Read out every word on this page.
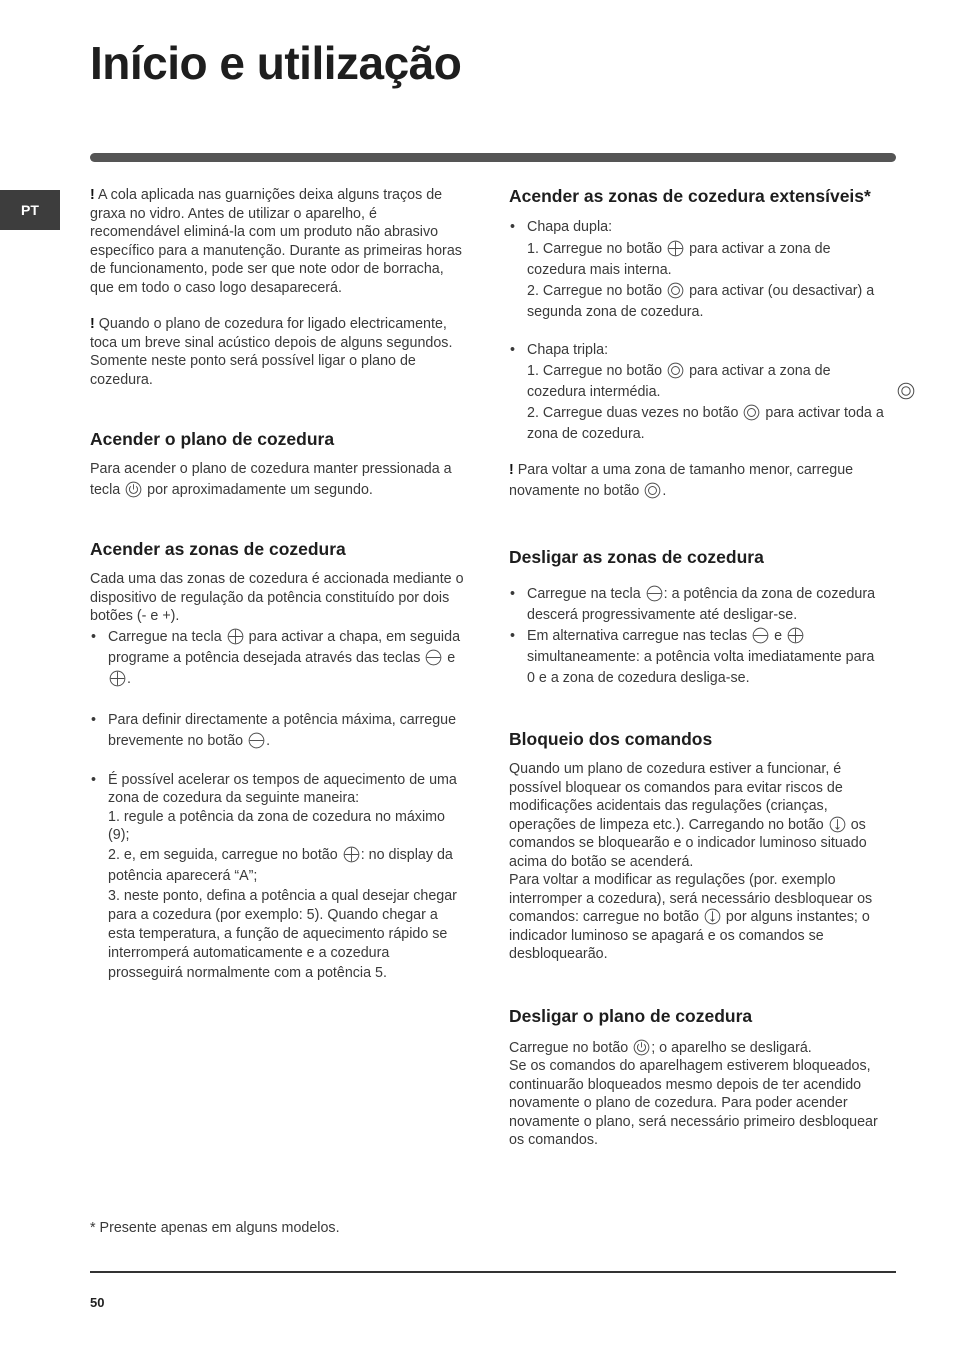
Início e utilização
PT

! A cola aplicada nas guarnições deixa alguns traços de graxa no vidro. Antes de utilizar o aparelho, é recomendável eliminá-la com um produto não abrasivo específico para a manutenção. Durante as primeiras horas de funcionamento, pode ser que note odor de borracha, que em todo o caso logo desaparecerá.

! Quando o plano de cozedura for ligado electricamente, toca um breve sinal acústico depois de alguns segundos. Somente neste ponto será possível ligar o plano de cozedura.

Acender o plano de cozedura

Para acender o plano de cozedura manter pressionada a tecla
por aproximadamente um segundo.

Acender as zonas de cozedura

Cada uma das zonas de cozedura é accionada mediante o dispositivo de regulação da potência constituído por dois botões (- e +).

• Carregue na tecla
para activar a chapa, em seguida programe a potência desejada através das teclas
e
.

• Para definir directamente a potência máxima, carregue brevemente no botão .

• É possível acelerar os tempos de aquecimento de uma zona de cozedura da seguinte maneira:

1. regule a potência da zona de cozedura no máximo (9);

2. e, em seguida, carregue no botão : no display da potência aparecerá “A”;

3. neste ponto, defina a potência a qual desejar chegar para a cozedura (por exemplo: 5). Quando chegar a esta temperatura, a função de aquecimento rápido se interromperá automaticamente e a cozedura prosseguirá normalmente com a potência 5.

Acender as zonas de cozedura extensíveis*

• Chapa dupla:

1. Carregue no botão
para activar a zona de cozedura mais interna.

2. Carregue no botão
para activar (ou desactivar) a segunda zona de cozedura.

• Chapa tripla:

1. Carregue no botão
para activar a zona de cozedura intermédia.

2. Carregue duas vezes no botão
para activar toda a zona de cozedura.

! Para voltar a uma zona de tamanho menor, carregue novamente no botão .

Desligar as zonas de cozedura

• Carregue na tecla : a potência da zona de cozedura descerá progressivamente até desligar-se.

• Em alternativa carregue nas teclas
e
simultaneamente: a potência volta imediatamente para 0 e a zona de cozedura desliga-se.

Bloqueio dos comandos

Quando um plano de cozedura estiver a funcionar, é possível bloquear os comandos para evitar riscos de modificações acidentais das regulações (crianças, operações de limpeza etc.). Carregando no botão
os comandos se bloquearão e o indicador luminoso situado acima do botão se acenderá.

Para voltar a modificar as regulações (por. exemplo interromper a cozedura), será necessário desbloquear os comandos: carregue no botão
por alguns instantes; o indicador luminoso se apagará e os comandos se desbloquearão.

Desligar o plano de cozedura

Carregue no botão ; o aparelho se desligará.

Se os comandos do aparelhagem estiverem bloqueados, continuarão bloqueados mesmo depois de ter acendido novamente o plano de cozedura. Para poder acender novamente o plano, será necessário primeiro desbloquear os comandos.

* Presente apenas em alguns modelos.
50
